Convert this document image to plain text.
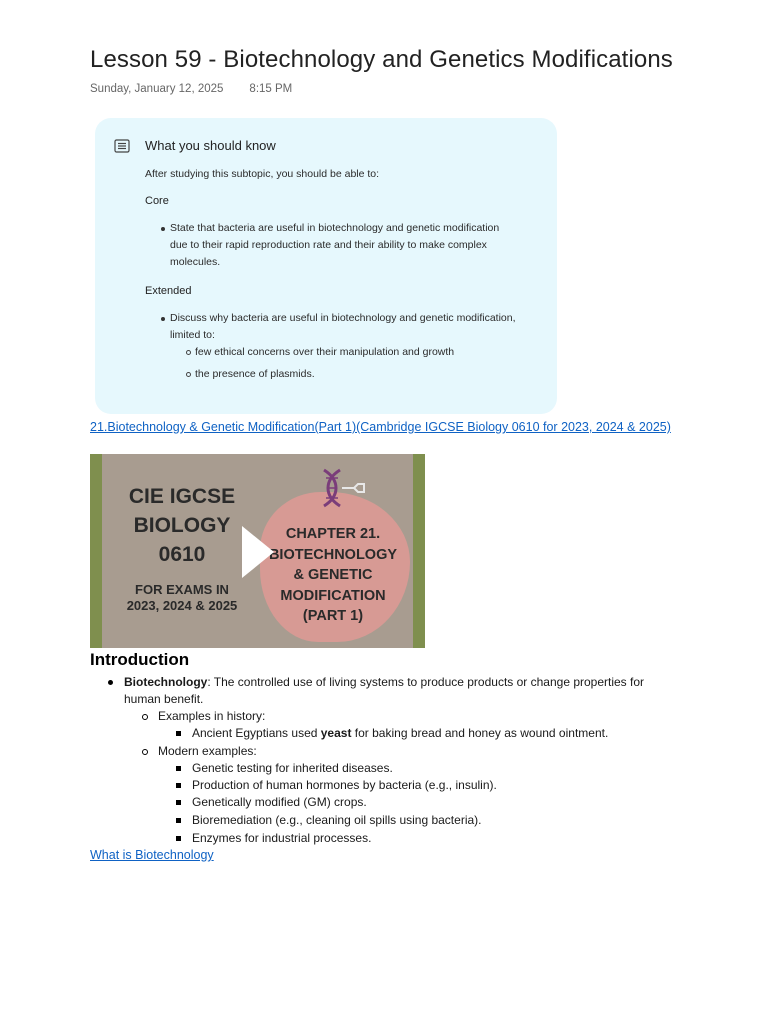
Lesson 59 - Biotechnology and Genetics Modifications
Sunday, January 12, 2025 8:15 PM
What you should know
After studying this subtopic, you should be able to:
Core
State that bacteria are useful in biotechnology and genetic modification
due to their rapid reproduction rate and their ability to make complex
molecules.
Extended
Discuss why bacteria are useful in biotechnology and genetic modification,
limited to:
few ethical concerns over their manipulation and growth
the presence of plasmids.
21.Biotechnology & Genetic Modification(Part 1)(Cambridge IGCSE Biology 0610 for 2023, 2024 & 2025)
CIE IGCSE
BIOLOGY
0610
FOR EXAMS IN
2023, 2024 & 2025
CHAPTER 21.
BIOTECHNOLOGY
& GENETIC
MODIFICATION
(PART 1)
Introduction
Biotechnology: The controlled use of living systems to produce products or change properties for
human benefit.
Examples in history:
Ancient Egyptians used yeast for baking bread and honey as wound ointment.
Modern examples:
Genetic testing for inherited diseases.
Production of human hormones by bacteria (e.g., insulin).
Genetically modified (GM) crops.
Bioremediation (e.g., cleaning oil spills using bacteria).
Enzymes for industrial processes.
What is Biotechnology
